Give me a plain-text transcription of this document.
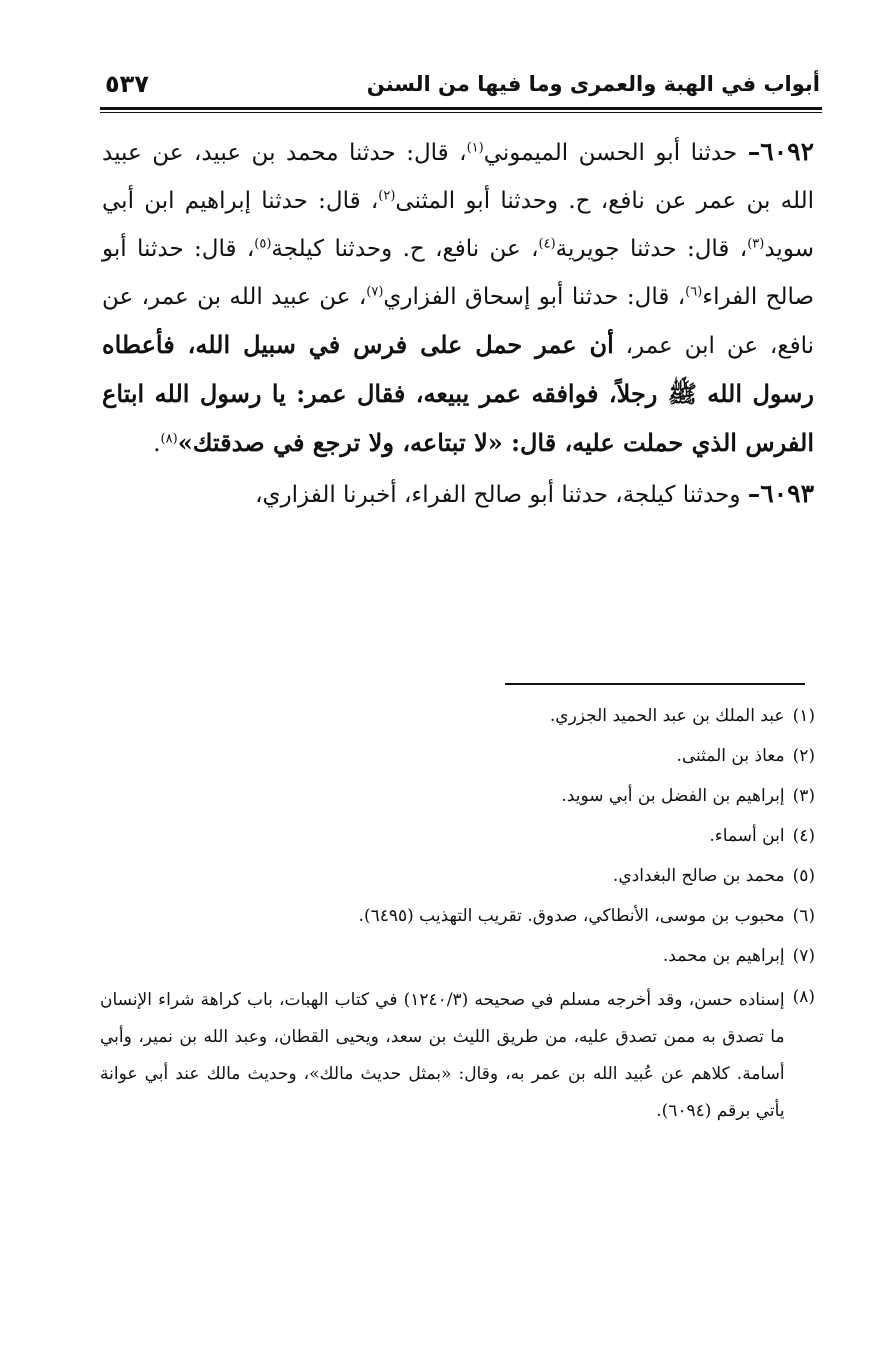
أبواب في الهبة والعمرى وما فيها من السنن
٥٣٧

٦٠٩٢– حدثنا أبو الحسن الميموني$^{(١)}$، قال: حدثنا محمد بن عبيد، عن عبيد الله بن عمر عن نافع، ح. وحدثنا أبو المثنى$^{(٢)}$، قال: حدثنا إبراهيم ابن أبي سويد$^{(٣)}$، قال: حدثنا جويرية$^{(٤)}$، عن نافع، ح. وحدثنا كيلجة$^{(٥)}$، قال: حدثنا أبو صالح الفراء$^{(٦)}$، قال: حدثنا أبو إسحاق الفزاري$^{(٧)}$، عن عبيد الله بن عمر، عن نافع، عن ابن عمر، أن عمر حمل على فرس في سبيل الله، فأعطاه رسول الله ﷺ رجلاً، فوافقه عمر يبيعه، فقال عمر: يا رسول الله ابتاع الفرس الذي حملت عليه، قال: «لا تبتاعه، ولا ترجع في صدقتك»$^{(٨)}$.

٦٠٩٣– وحدثنا كيلجة، حدثنا أبو صالح الفراء، أخبرنا الفزاري،

(١)
عبد الملك بن عبد الحميد الجزري.
(٢)
معاذ بن المثنى.
(٣)
إبراهيم بن الفضل بن أبي سويد.
(٤)
ابن أسماء.
(٥)
محمد بن صالح البغدادي.
(٦)
محبوب بن موسى، الأنطاكي، صدوق. تقريب التهذيب (٦٤٩٥).
(٧)
إبراهيم بن محمد.
(٨)
إسناده حسن، وقد أخرجه مسلم في صحيحه (١٢٤٠/٣) في كتاب الهبات، باب كراهة شراء الإنسان ما تصدق به ممن تصدق عليه، من طريق الليث بن سعد، ويحيى القطان، وعبد الله بن نمير، وأبي أسامة. كلاهم عن عُبيد الله بن عمر به، وقال: «بمثل حديث مالك»، وحديث مالك عند أبي عوانة يأتي برقم (٦٠٩٤).
